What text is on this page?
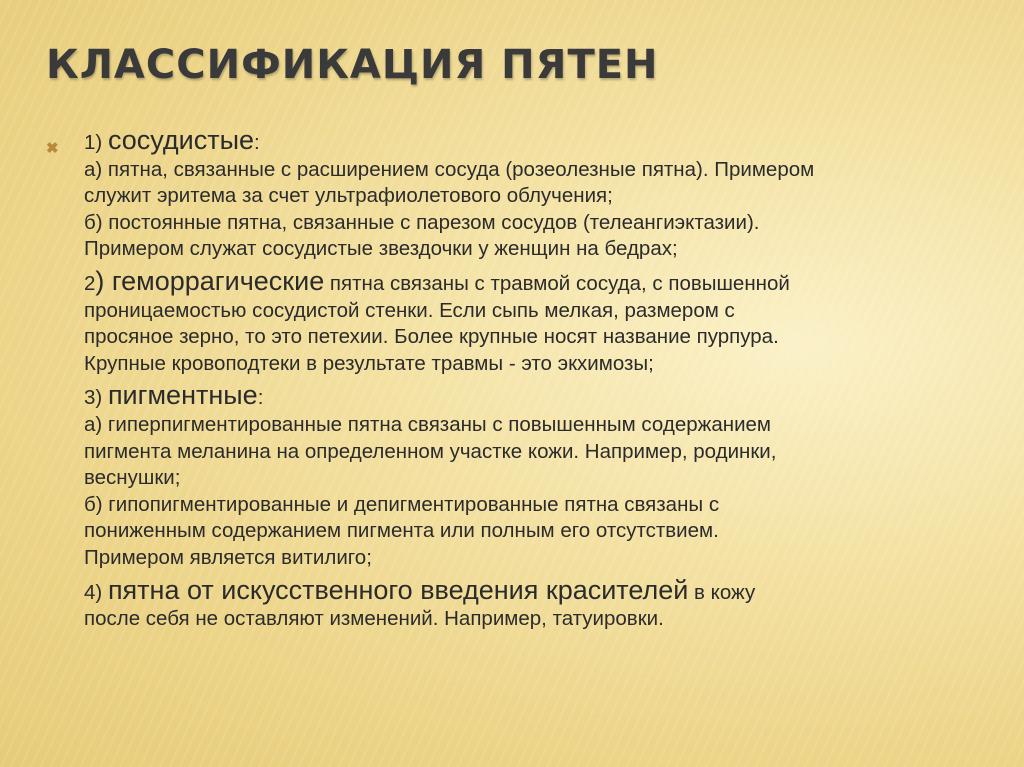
КЛАССИФИКАЦИЯ ПЯТЕН
✖ 1) сосудистые:

а) пятна, связанные с расширением сосуда (розеолезные пятна). Примером

служит эритема за счет ультрафиолетового облучения;

б) постоянные пятна, связанные с парезом сосудов (телеангиэктазии).

Примером служат сосудистые звездочки у женщин на бедрах;

2) геморрагические пятна связаны с травмой сосуда, с повышенной

проницаемостью сосудистой стенки. Если сыпь мелкая, размером с

просяное зерно, то это петехии. Более крупные носят название пурпура.

Крупные кровоподтеки в результате травмы - это экхимозы;

3) пигментные:

а) гиперпигментированные пятна связаны с повышенным содержанием

пигмента меланина на определенном участке кожи. Например, родинки,

веснушки;

б) гипопигментированные и депигментированные пятна связаны с

пониженным содержанием пигмента или полным его отсутствием.

Примером является витилиго;

4) пятна от искусственного введения красителей в кожу

после себя не оставляют изменений. Например, татуировки.
